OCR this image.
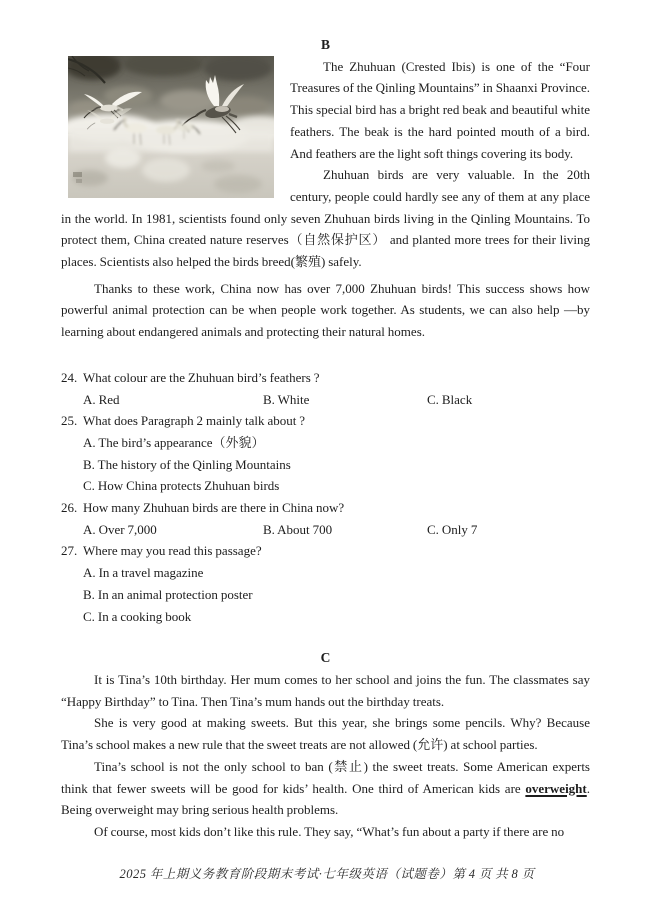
B

The Zhuhuan (Crested Ibis) is one of the “Four Treasures of the Qinling Mountains” in Shaanxi Province. This special bird has a bright red beak and beautiful white feathers. The beak is the hard pointed mouth of a bird. And feathers are the light soft things covering its body.

Zhuhuan birds are very valuable. In the 20th century, people could hardly see any of them at any place in the world. In 1981, scientists found only seven Zhuhuan birds living in the Qinling Mountains. To protect them, China created nature reserves（自然保护区） and planted more trees for their living places. Scientists also helped the birds breed(繁殖) safely.

Thanks to these work, China now has over 7,000 Zhuhuan birds! This success shows how powerful animal protection can be when people work together. As students, we can also help —by learning about endangered animals and protecting their natural homes.

24. What colour are the Zhuhuan bird’s feathers ?
A. Red	B. White	C. Black
25. What does Paragraph 2 mainly talk about ?
A. The bird’s appearance（外貌）
B. The history of the Qinling Mountains
C. How China protects Zhuhuan birds
26. How many Zhuhuan birds are there in China now?
A. Over 7,000	B. About 700	C. Only 7
27. Where may you read this passage?
A. In a travel magazine
B. In an animal protection poster
C. In a cooking book
C

It is Tina’s 10th birthday. Her mum comes to her school and joins the fun. The classmates say “Happy Birthday” to Tina. Then Tina’s mum hands out the birthday treats.

She is very good at making sweets. But this year, she brings some pencils. Why? Because Tina’s school makes a new rule that the sweet treats are not allowed (允许) at school parties.

Tina’s school is not the only school to ban (禁止) the sweet treats. Some American experts think that fewer sweets will be good for kids’ health. One third of American kids are overweight. Being overweight may bring serious health problems.

Of course, most kids don’t like this rule. They say, “What’s fun about a party if there are no

2025 年上期义务教育阶段期末考试·七年级英语（试题卷）第 4 页 共 8 页
